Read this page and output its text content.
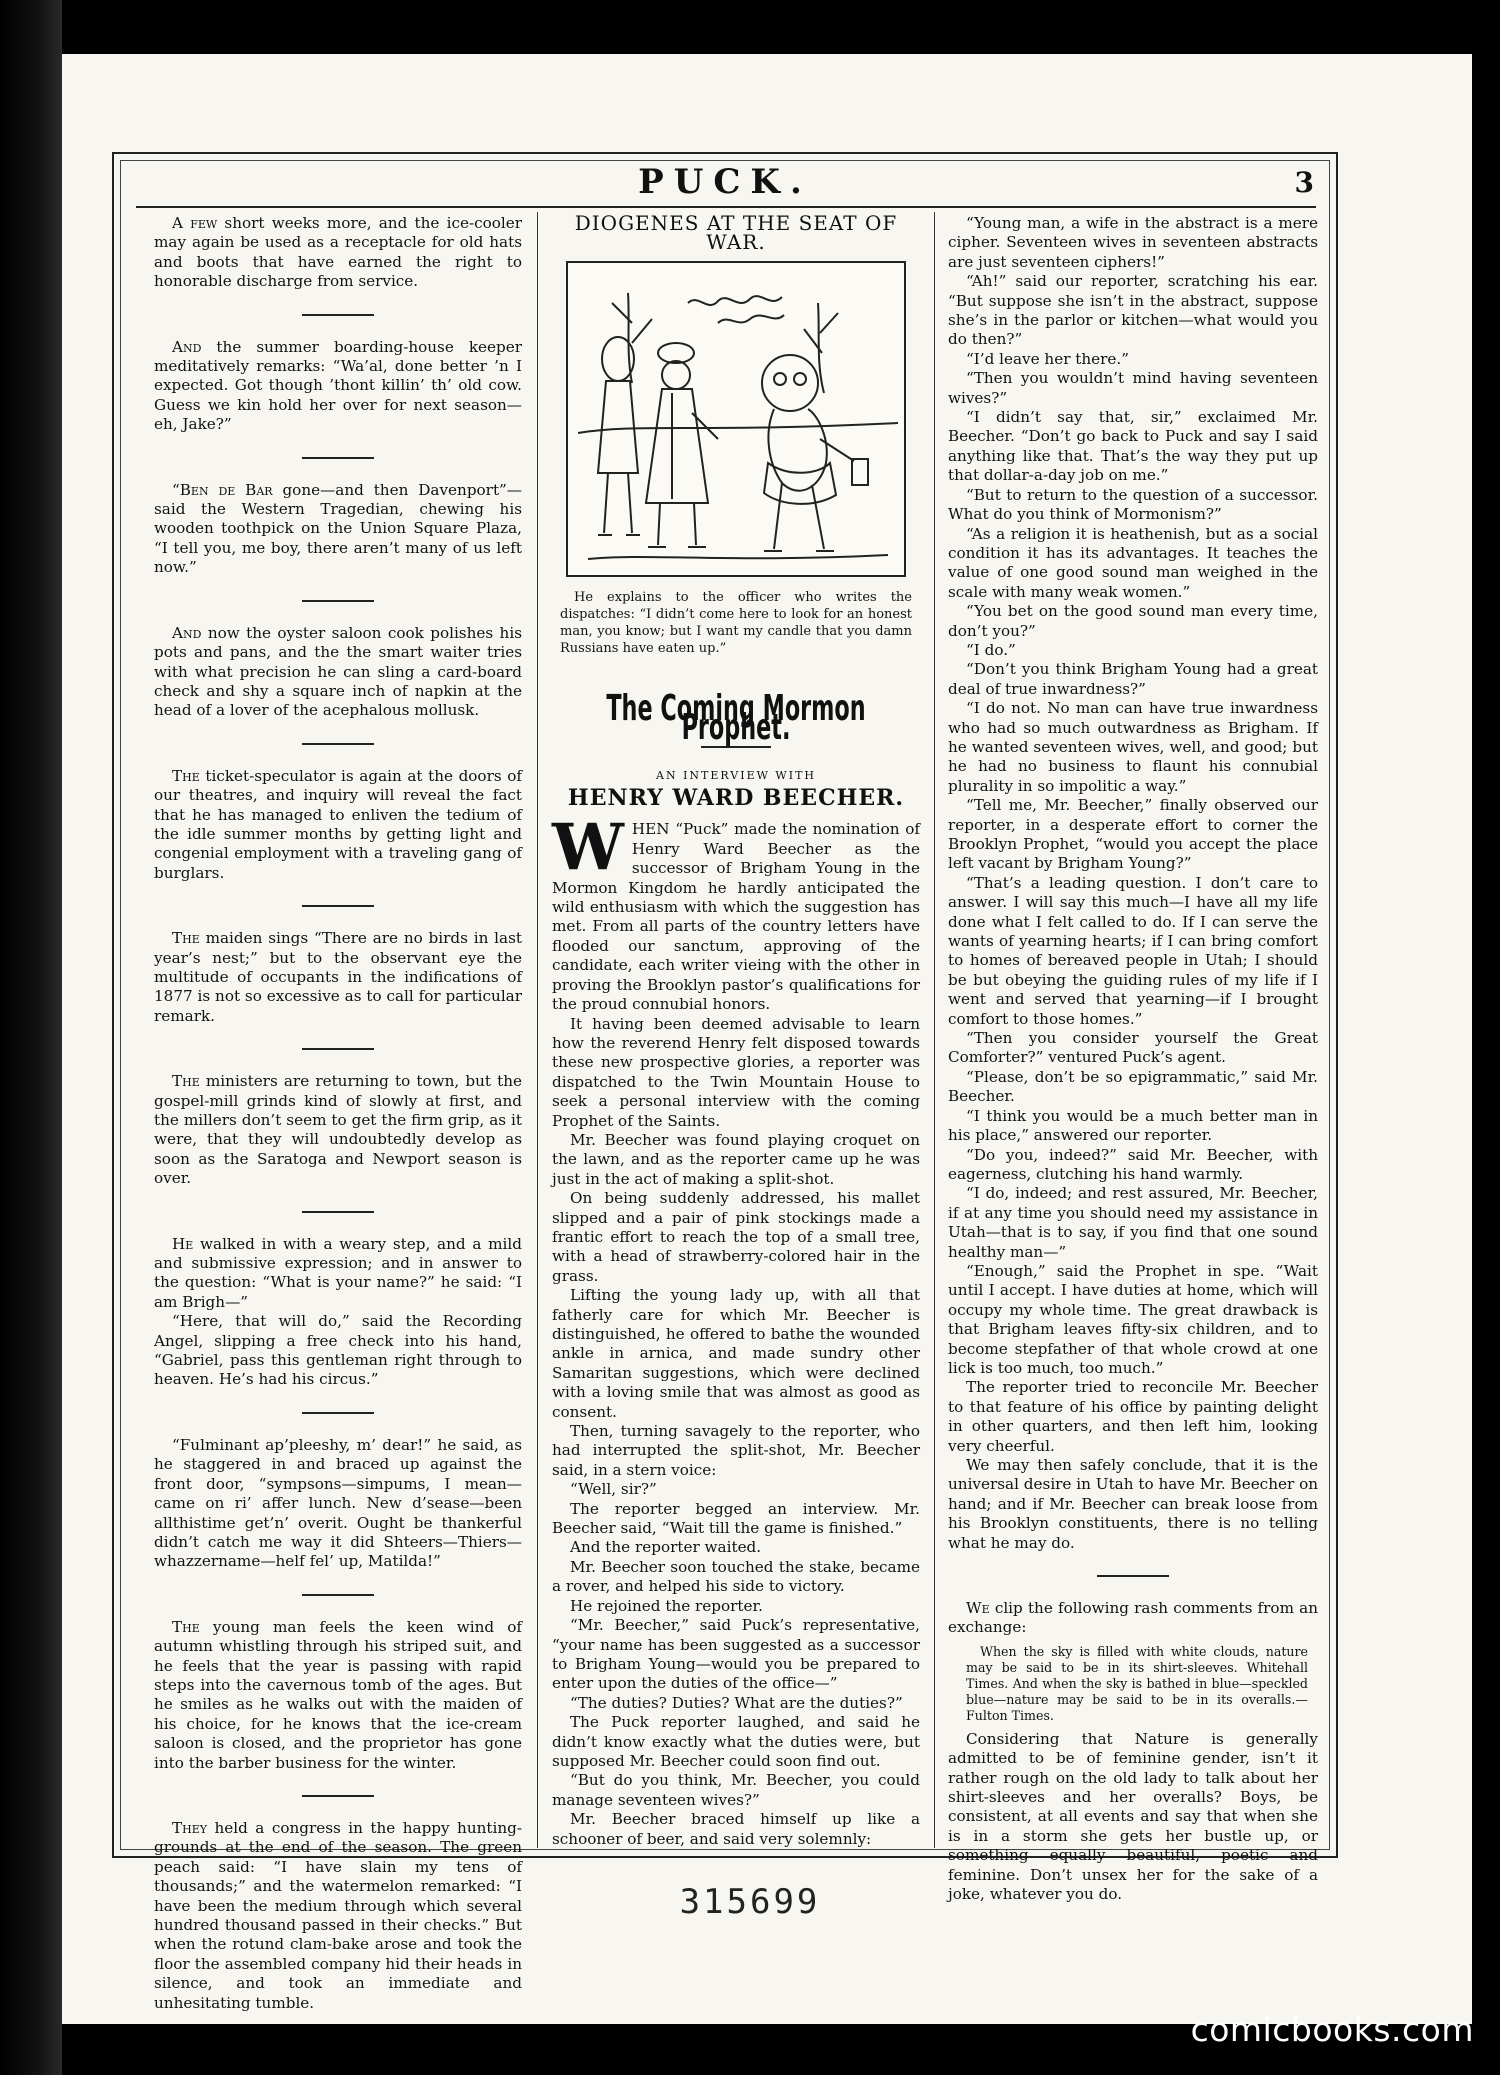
PUCK.	3

A few short weeks more, and the ice-cooler may again be used as a receptacle for old hats and boots that have earned the right to honorable discharge from service.

And the summer boarding-house keeper meditatively remarks: “Wa’al, done better ’n I expected. Got though ’thont killin’ th’ old cow. Guess we kin hold her over for next season—eh, Jake?”

“Ben de Bar gone—and then Davenport”—said the Western Tragedian, chewing his wooden toothpick on the Union Square Plaza, “I tell you, me boy, there aren’t many of us left now.”

And now the oyster saloon cook polishes his pots and pans, and the the smart waiter tries with what precision he can sling a card-board check and shy a square inch of napkin at the head of a lover of the acephalous mollusk.

The ticket-speculator is again at the doors of our theatres, and inquiry will reveal the fact that he has managed to enliven the tedium of the idle summer months by getting light and congenial employment with a traveling gang of burglars.

The maiden sings “There are no birds in last year’s nest;” but to the observant eye the multitude of occupants in the indifications of 1877 is not so excessive as to call for particular remark.

The ministers are returning to town, but the gospel-mill grinds kind of slowly at first, and the millers don’t seem to get the firm grip, as it were, that they will undoubtedly develop as soon as the Saratoga and Newport season is over.

He walked in with a weary step, and a mild and submissive expression; and in answer to the question: “What is your name?” he said: “I am Brigh—”

“Here, that will do,” said the Recording Angel, slipping a free check into his hand, “Gabriel, pass this gentleman right through to heaven. He’s had his circus.”

“Fulminant ap’pleeshy, m’ dear!” he said, as he staggered in and braced up against the front door, “sympsons—simpums, I mean—came on ri’ affer lunch. New d’sease—been allthistime get’n’ overit. Ought be thankerful didn’t catch me way it did Shteers—Thiers—whazzername—helf fel’ up, Matilda!”

The young man feels the keen wind of autumn whistling through his striped suit, and he feels that the year is passing with rapid steps into the cavernous tomb of the ages. But he smiles as he walks out with the maiden of his choice, for he knows that the ice-cream saloon is closed, and the proprietor has gone into the barber business for the winter.

They held a congress in the happy hunting-grounds at the end of the season. The green peach said: “I have slain my tens of thousands;” and the watermelon remarked: “I have been the medium through which several hundred thousand passed in their checks.” But when the rotund clam-bake arose and took the floor the assembled company hid their heads in silence, and took an immediate and unhesitating tumble.

DIOGENES AT THE SEAT OF WAR.
He explains to the officer who writes the dispatches: “I didn’t come here to look for an honest man, you know; but I want my candle that you damn Russians have eaten up.”
The Coming Mormon Prophet.
AN INTERVIEW WITH
HENRY WARD BEECHER.

WHEN “Puck” made the nomination of Henry Ward Beecher as the successor of Brigham Young in the Mormon Kingdom he hardly anticipated the wild enthusiasm with which the suggestion has met. From all parts of the country letters have flooded our sanctum, approving of the candidate, each writer vieing with the other in proving the Brooklyn pastor’s qualifications for the proud connubial honors.

It having been deemed advisable to learn how the reverend Henry felt disposed towards these new prospective glories, a reporter was dispatched to the Twin Mountain House to seek a personal interview with the coming Prophet of the Saints.

Mr. Beecher was found playing croquet on the lawn, and as the reporter came up he was just in the act of making a split-shot.

On being suddenly addressed, his mallet slipped and a pair of pink stockings made a frantic effort to reach the top of a small tree, with a head of strawberry-colored hair in the grass.

Lifting the young lady up, with all that fatherly care for which Mr. Beecher is distinguished, he offered to bathe the wounded ankle in arnica, and made sundry other Samaritan suggestions, which were declined with a loving smile that was almost as good as consent.

Then, turning savagely to the reporter, who had interrupted the split-shot, Mr. Beecher said, in a stern voice:

“Well, sir?”

The reporter begged an interview. Mr. Beecher said, “Wait till the game is finished.”

And the reporter waited.

Mr. Beecher soon touched the stake, became a rover, and helped his side to victory.

He rejoined the reporter.

“Mr. Beecher,” said Puck’s representative, “your name has been suggested as a successor to Brigham Young—would you be prepared to enter upon the duties of the office—”

“The duties? Duties? What are the duties?”

The Puck reporter laughed, and said he didn’t know exactly what the duties were, but supposed Mr. Beecher could soon find out.

“But do you think, Mr. Beecher, you could manage seventeen wives?”

Mr. Beecher braced himself up like a schooner of beer, and said very solemnly:

“Young man, a wife in the abstract is a mere cipher. Seventeen wives in seventeen abstracts are just seventeen ciphers!”

“Ah!” said our reporter, scratching his ear. “But suppose she isn’t in the abstract, suppose she’s in the parlor or kitchen—what would you do then?”

“I’d leave her there.”

“Then you wouldn’t mind having seventeen wives?”

“I didn’t say that, sir,” exclaimed Mr. Beecher. “Don’t go back to Puck and say I said anything like that. That’s the way they put up that dollar-a-day job on me.”

“But to return to the question of a successor. What do you think of Mormonism?”

“As a religion it is heathenish, but as a social condition it has its advantages. It teaches the value of one good sound man weighed in the scale with many weak women.”

“You bet on the good sound man every time, don’t you?”

“I do.”

“Don’t you think Brigham Young had a great deal of true inwardness?”

“I do not. No man can have true inwardness who had so much outwardness as Brigham. If he wanted seventeen wives, well, and good; but he had no business to flaunt his connubial plurality in so impolitic a way.”

“Tell me, Mr. Beecher,” finally observed our reporter, in a desperate effort to corner the Brooklyn Prophet, “would you accept the place left vacant by Brigham Young?”

“That’s a leading question. I don’t care to answer. I will say this much—I have all my life done what I felt called to do. If I can serve the wants of yearning hearts; if I can bring comfort to homes of bereaved people in Utah; I should be but obeying the guiding rules of my life if I went and served that yearning—if I brought comfort to those homes.”

“Then you consider yourself the Great Comforter?” ventured Puck’s agent.

“Please, don’t be so epigrammatic,” said Mr. Beecher.

“I think you would be a much better man in his place,” answered our reporter.

“Do you, indeed?” said Mr. Beecher, with eagerness, clutching his hand warmly.

“I do, indeed; and rest assured, Mr. Beecher, if at any time you should need my assistance in Utah—that is to say, if you find that one sound healthy man—”

“Enough,” said the Prophet in spe. “Wait until I accept. I have duties at home, which will occupy my whole time. The great drawback is that Brigham leaves fifty-six children, and to become stepfather of that whole crowd at one lick is too much, too much.”

The reporter tried to reconcile Mr. Beecher to that feature of his office by painting delight in other quarters, and then left him, looking very cheerful.

We may then safely conclude, that it is the universal desire in Utah to have Mr. Beecher on hand; and if Mr. Beecher can break loose from his Brooklyn constituents, there is no telling what he may do.

We clip the following rash comments from an exchange:

When the sky is filled with white clouds, nature may be said to be in its shirt-sleeves. Whitehall Times. And when the sky is bathed in blue—speckled blue—nature may be said to be in its overalls.—Fulton Times.

Considering that Nature is generally admitted to be of feminine gender, isn’t it rather rough on the old lady to talk about her shirt-sleeves and her overalls? Boys, be consistent, at all events and say that when she is in a storm she gets her bustle up, or something equally beautiful, poetic and feminine. Don’t unsex her for the sake of a joke, whatever you do.

315699
comicbooks.com
